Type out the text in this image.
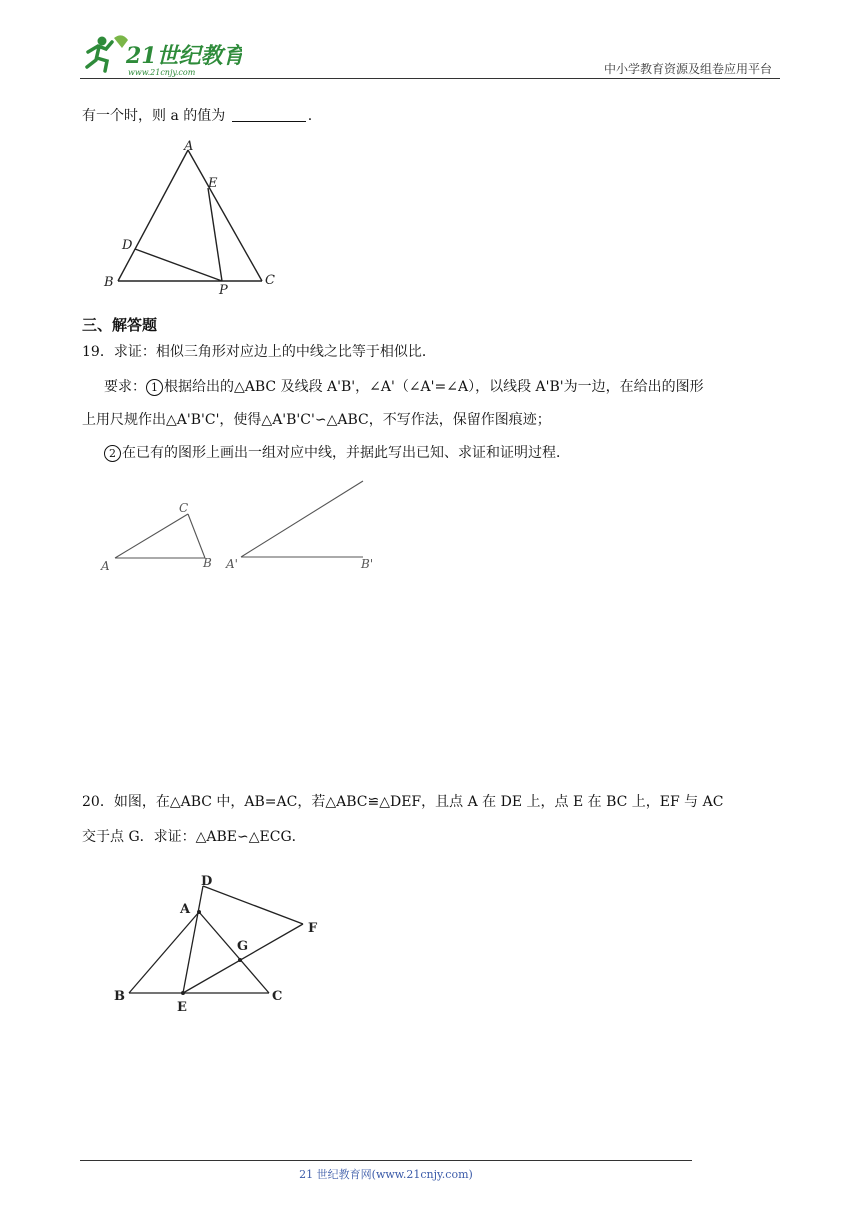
21世纪教育
www.21cnjy.com	中小学教育资源及组卷应用平台
有一个时，则 a 的值为	.
A
E
D
B
P
C
三、解答题
19．求证：相似三角形对应边上的中线之比等于相似比．
要求： 1 根据给出的△ABC 及线段 A'B'，∠A'（∠A'=∠A），以线段 A'B'为一边，在给出的图形
上用尺规作出△A'B'C'，使得△A'B'C'∽△ABC，不写作法，保留作图痕迹；
2 在已有的图形上画出一组对应中线，并据此写出已知、求证和证明过程．
A	B
C
A'	B'
20．如图，在△ABC 中，AB=AC，若△ABC≌△DEF，且点 A 在 DE 上，点 E 在 BC 上，EF 与 AC
交于点 G．求证：△ABE∽△ECG．
D
A
G
F
B
E
C
21 世纪教育网(www.21cnjy.com)
